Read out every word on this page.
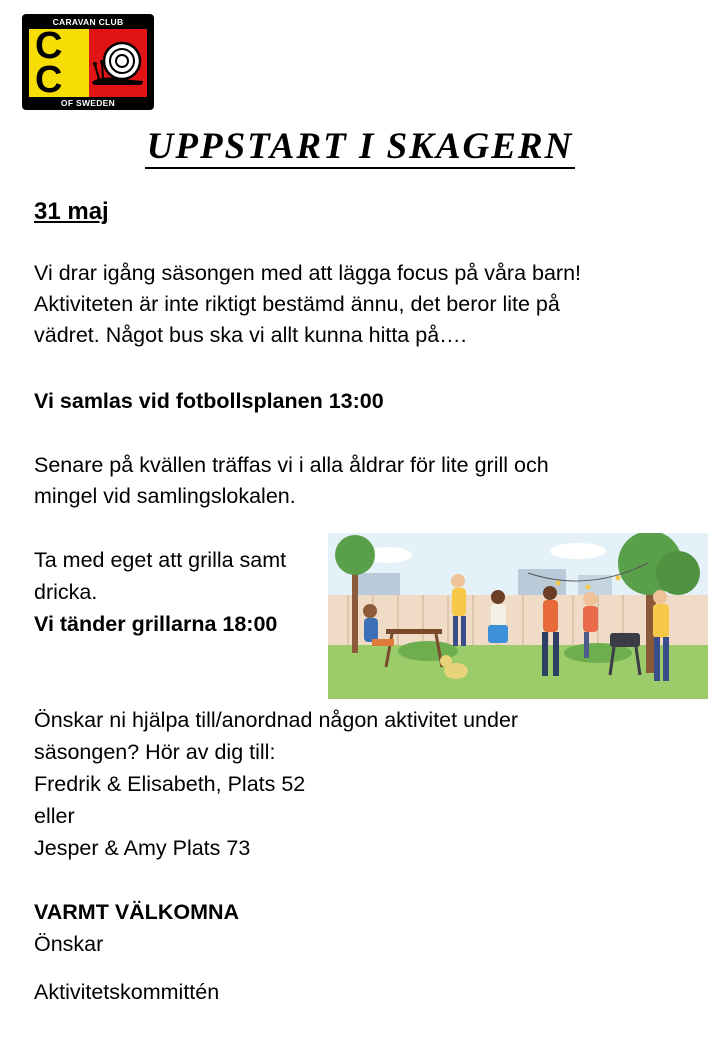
CARAVAN CLUB
C
C
OF SWEDEN
UPPSTART I SKAGERN
31 maj
Vi drar igång säsongen med att lägga focus på våra barn!
Aktiviteten är inte riktigt bestämd ännu, det beror lite på
vädret. Något bus ska vi allt kunna hitta på….
Vi samlas vid fotbollsplanen 13:00
Senare på kvällen träffas vi i alla åldrar för lite grill och
mingel vid samlingslokalen.
Ta med eget att grilla samt
dricka.
Vi tänder grillarna 18:00
Önskar ni hjälpa till/anordnad någon aktivitet under
säsongen? Hör av dig till:
Fredrik & Elisabeth, Plats 52
eller
Jesper & Amy Plats 73
VARMT VÄLKOMNA
Önskar
Aktivitetskommittén
